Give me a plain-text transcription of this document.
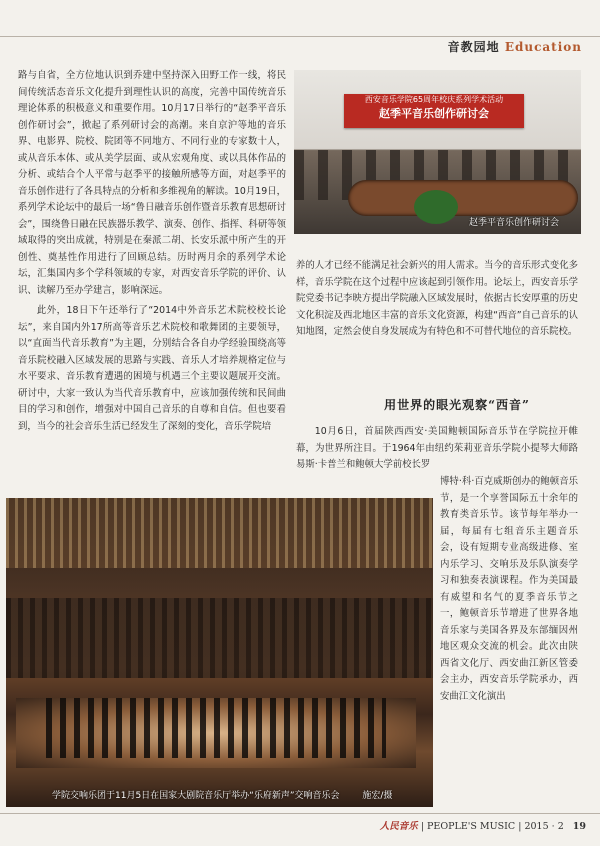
音教园地 Education

路与自省，全方位地认识到乔建中坚持深入田野工作一线，将民间传统活态音乐文化提升到理性认识的高度，完善中国传统音乐理论体系的积极意义和重要作用。10月17日举行的“赵季平音乐创作研讨会”，掀起了系列研讨会的高潮。来自京沪等地的音乐界、电影界、院校、院团等不同地方、不同行业的专家数十人，或从音乐本体、或从美学层面、或从宏观角度、或以具体作品的分析、或结合个人平常与赵季平的接触所感等方面，对赵季平的音乐创作进行了各具特点的分析和多维视角的解读。10月19日，系列学术论坛中的最后一场“鲁日融音乐创作暨音乐教育思想研讨会”，围绕鲁日融在民族器乐教学、演奏、创作、指挥、科研等领域取得的突出成就，特别是在秦派二胡、长安乐派中所产生的开创性、奠基性作用进行了回顾总结。历时两月余的系列学术论坛，汇集国内多个学科领域的专家，对西安音乐学院的评价、认识、读解乃至办学建言，影响深远。

此外，18日下午还举行了“2014中外音乐艺术院校校长论坛”，来自国内外17所高等音乐艺术院校和歌舞团的主要领导，以“直面当代音乐教育”为主题，分别结合各自办学经验围绕高等音乐院校融入区域发展的思路与实践、音乐人才培养规格定位与水平要求、音乐教育遭遇的困境与机遇三个主要议题展开交流。研讨中，大家一致认为当代音乐教育中，应该加强传统和民间曲目的学习和创作，增强对中国自己音乐的自尊和自信。但也要看到，当今的社会音乐生活已经发生了深刻的变化，音乐学院培

西安音乐学院65周年校庆系列学术活动
赵季平音乐创作研讨会
赵季平音乐创作研讨会

养的人才已经不能满足社会新兴的用人需求。当今的音乐形式变化多样，音乐学院在这个过程中应该起到引领作用。论坛上，西安音乐学院党委书记李映方提出学院融入区域发展时，依据古长安厚重的历史文化积淀及西北地区丰富的音乐文化资源，构建“西音”自己音乐的认知地图，定然会使自身发展成为有特色和不可替代地位的音乐院校。

用世界的眼光观察“西音”

10月6日，首届陕西西安·美国鲍顿国际音乐节在学院拉开帷幕，为世界所注目。于1964年由纽约茱莉亚音乐学院小提琴大师路易斯·卡普兰和鲍顿大学前校长罗

博特·科·百克威斯创办的鲍顿音乐节，是一个享誉国际五十余年的教育类音乐节。该节每年举办一届，每届有七组音乐主题音乐会，设有短期专业高级进修、室内乐学习、交响乐及乐队演奏学习和独奏表演课程。作为美国最有威望和名气的夏季音乐节之一，鲍顿音乐节增进了世界各地音乐家与美国各界及东部缅因州地区观众交流的机会。此次由陕西省文化厅、西安曲江新区管委会主办，西安音乐学院承办，西安曲江文化演出

学院交响乐团于11月5日在国家大剧院音乐厅举办“乐府新声”交响音乐会	施宏/摄
人民音乐 | PEOPLE'S MUSIC | 2015 · 2 19
